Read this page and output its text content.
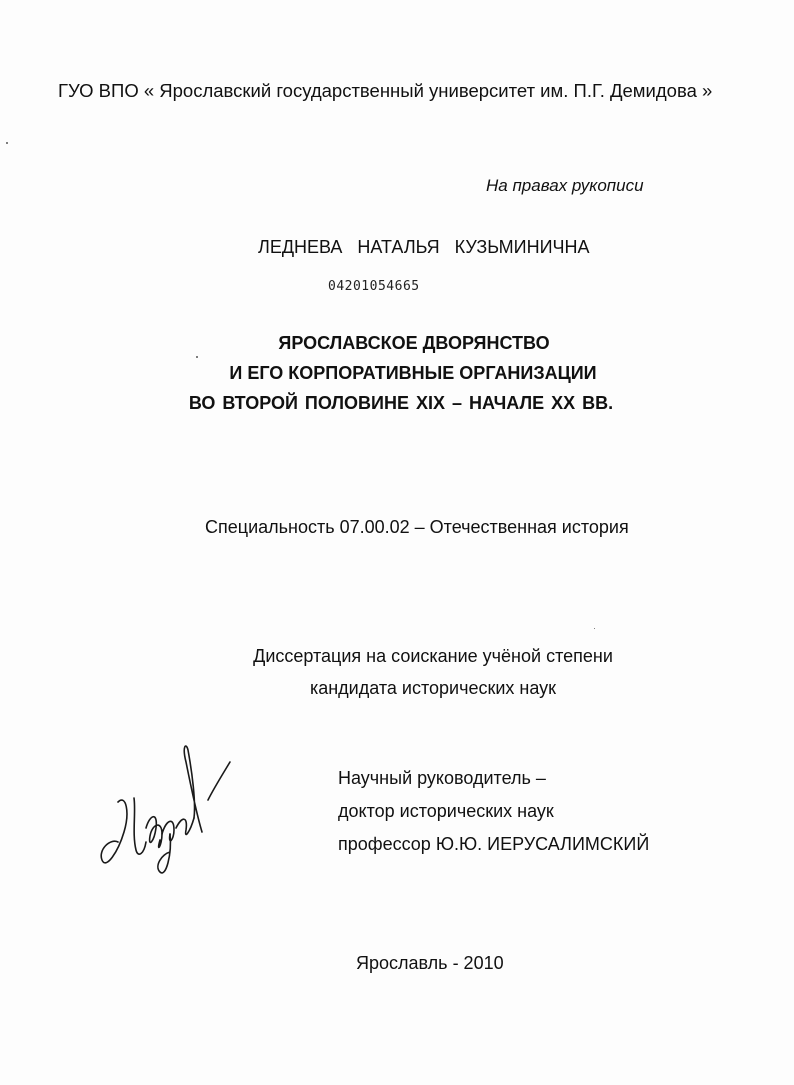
ГУО ВПО « Ярославский государственный университет им. П.Г. Демидова »
На правах рукописи
ЛЕДНЕВА НАТАЛЬЯ КУЗЬМИНИЧНА
04201054665
ЯРОСЛАВСКОЕ ДВОРЯНСТВО
И ЕГО КОРПОРАТИВНЫЕ ОРГАНИЗАЦИИ
ВО ВТОРОЙ ПОЛОВИНЕ XIX – НАЧАЛЕ XX ВВ.
Специальность 07.00.02 – Отечественная история
Диссертация на соискание учёной степени
кандидата исторических наук
Научный руководитель –
доктор исторических наук
профессор Ю.Ю. ИЕРУСАЛИМСКИЙ
Ярославль - 2010
